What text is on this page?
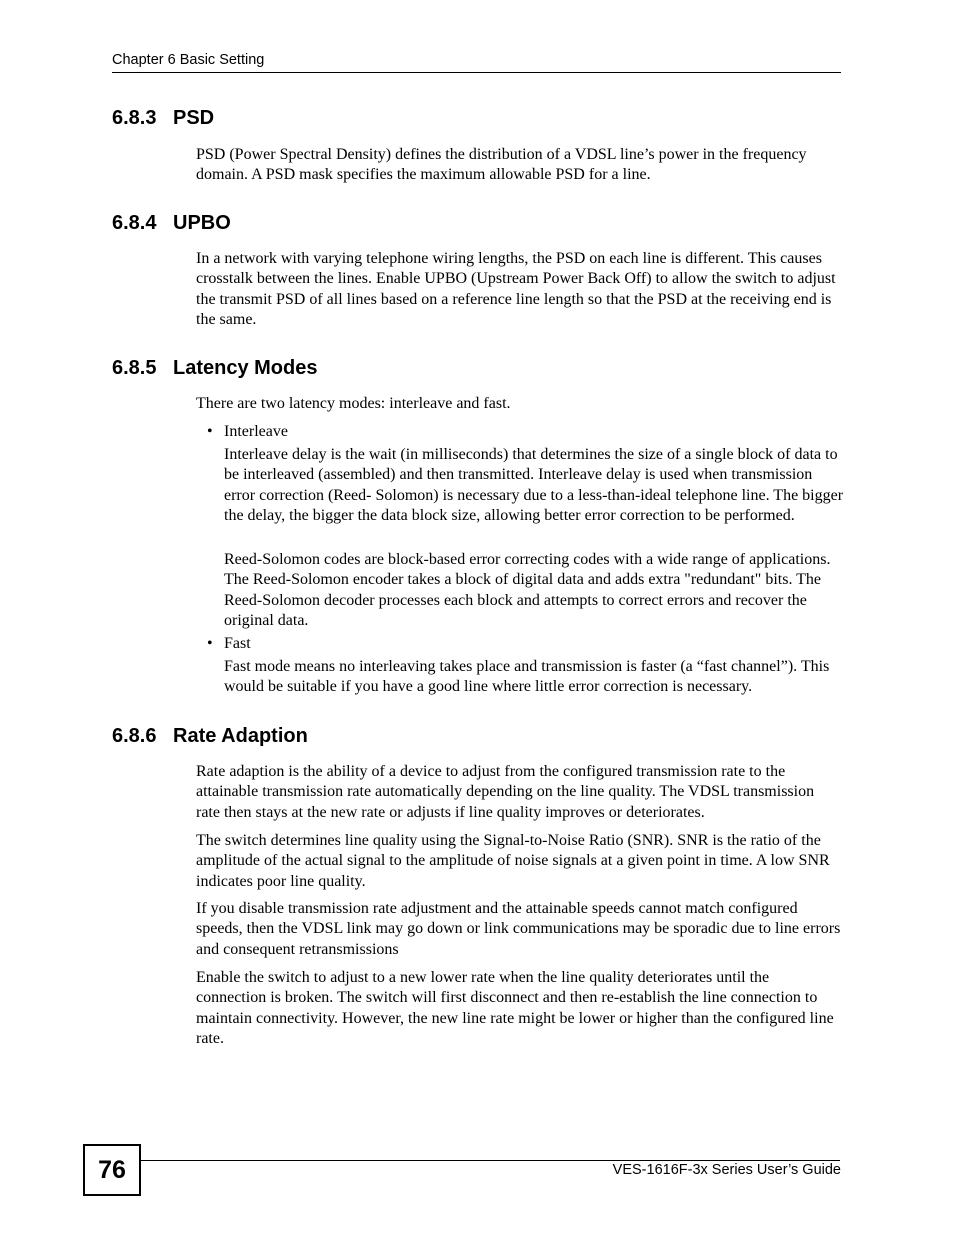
Chapter 6 Basic Setting
6.8.3 PSD

PSD (Power Spectral Density) defines the distribution of a VDSL line’s power in the frequency domain. A PSD mask specifies the maximum allowable PSD for a line.

6.8.4 UPBO

In a network with varying telephone wiring lengths, the PSD on each line is different. This causes crosstalk between the lines. Enable UPBO (Upstream Power Back Off) to allow the switch to adjust the transmit PSD of all lines based on a reference line length so that the PSD at the receiving end is the same.

6.8.5 Latency Modes

There are two latency modes: interleave and fast.

• Interleave

Interleave delay is the wait (in milliseconds) that determines the size of a single block of data to be interleaved (assembled) and then transmitted. Interleave delay is used when transmission error correction (Reed- Solomon) is necessary due to a less-than-ideal telephone line. The bigger the delay, the bigger the data block size, allowing better error correction to be performed.

Reed-Solomon codes are block-based error correcting codes with a wide range of applications. The Reed-Solomon encoder takes a block of digital data and adds extra "redundant" bits. The Reed-Solomon decoder processes each block and attempts to correct errors and recover the original data.

• Fast

Fast mode means no interleaving takes place and transmission is faster (a “fast channel”). This would be suitable if you have a good line where little error correction is necessary.

6.8.6 Rate Adaption

Rate adaption is the ability of a device to adjust from the configured transmission rate to the attainable transmission rate automatically depending on the line quality. The VDSL transmission rate then stays at the new rate or adjusts if line quality improves or deteriorates.

The switch determines line quality using the Signal-to-Noise Ratio (SNR). SNR is the ratio of the amplitude of the actual signal to the amplitude of noise signals at a given point in time. A low SNR indicates poor line quality.

If you disable transmission rate adjustment and the attainable speeds cannot match configured speeds, then the VDSL link may go down or link communications may be sporadic due to line errors and consequent retransmissions

Enable the switch to adjust to a new lower rate when the line quality deteriorates until the connection is broken. The switch will first disconnect and then re-establish the line connection to maintain connectivity. However, the new line rate might be lower or higher than the configured line rate.

76	VES-1616F-3x Series User’s Guide
